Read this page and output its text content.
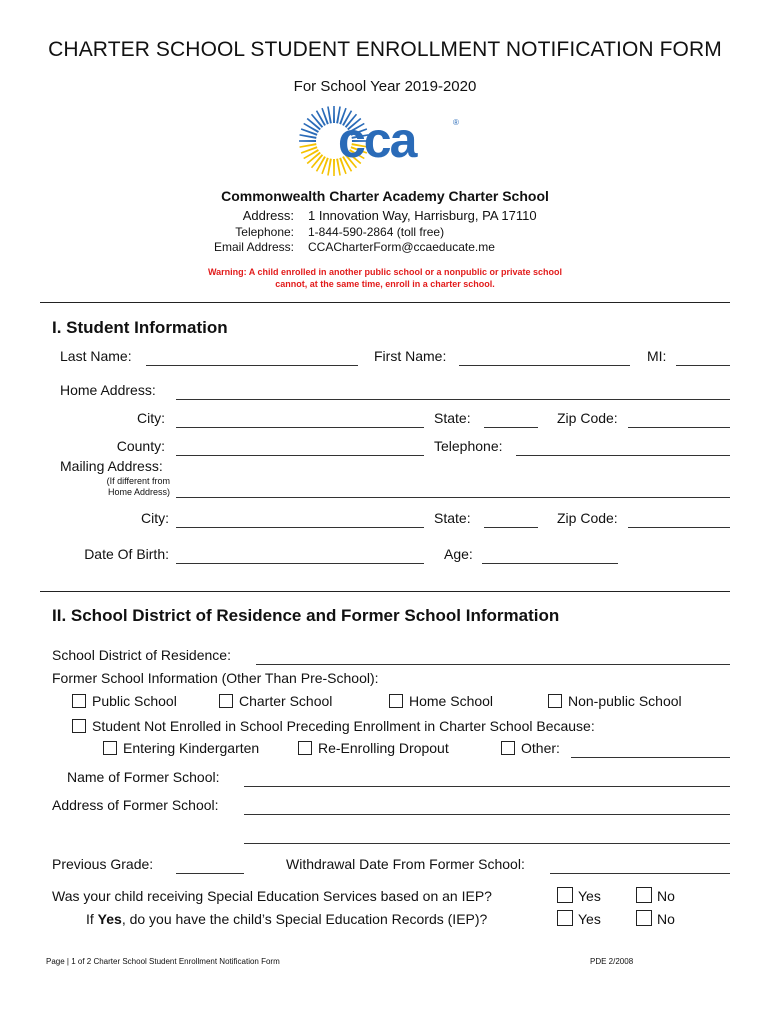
CHARTER SCHOOL STUDENT ENROLLMENT NOTIFICATION FORM
For School Year 2019-2020
cca	®
Commonwealth Charter Academy Charter School
Address: 1 Innovation Way, Harrisburg, PA 17110
Telephone: 1-844-590-2864 (toll free)
Email Address: CCACharterForm@ccaeducate.me
Warning: A child enrolled in another public school or a nonpublic or private school
cannot, at the same time, enroll in a charter school.
I. Student Information
Last Name:	First Name:	MI:
Home Address:
City:	State:	Zip Code:
County:	Telephone:
Mailing Address:
(If different from
Home Address)
City:	State:	Zip Code:
Date Of Birth:	Age:
II. School District of Residence and Former School Information
School District of Residence:
Former School Information (Other Than Pre-School):
Public School	Charter School	Home School	Non-public School
Student Not Enrolled in School Preceding Enrollment in Charter School Because:
Entering Kindergarten	Re-Enrolling Dropout	Other:
Name of Former School:
Address of Former School:
Previous Grade:	Withdrawal Date From Former School:
Was your child receiving Special Education Services based on an IEP?	Yes	No
If Yes, do you have the child’s Special Education Records (IEP)?	Yes	No
Page | 1 of 2 Charter School Student Enrollment Notification Form	PDE 2/2008
